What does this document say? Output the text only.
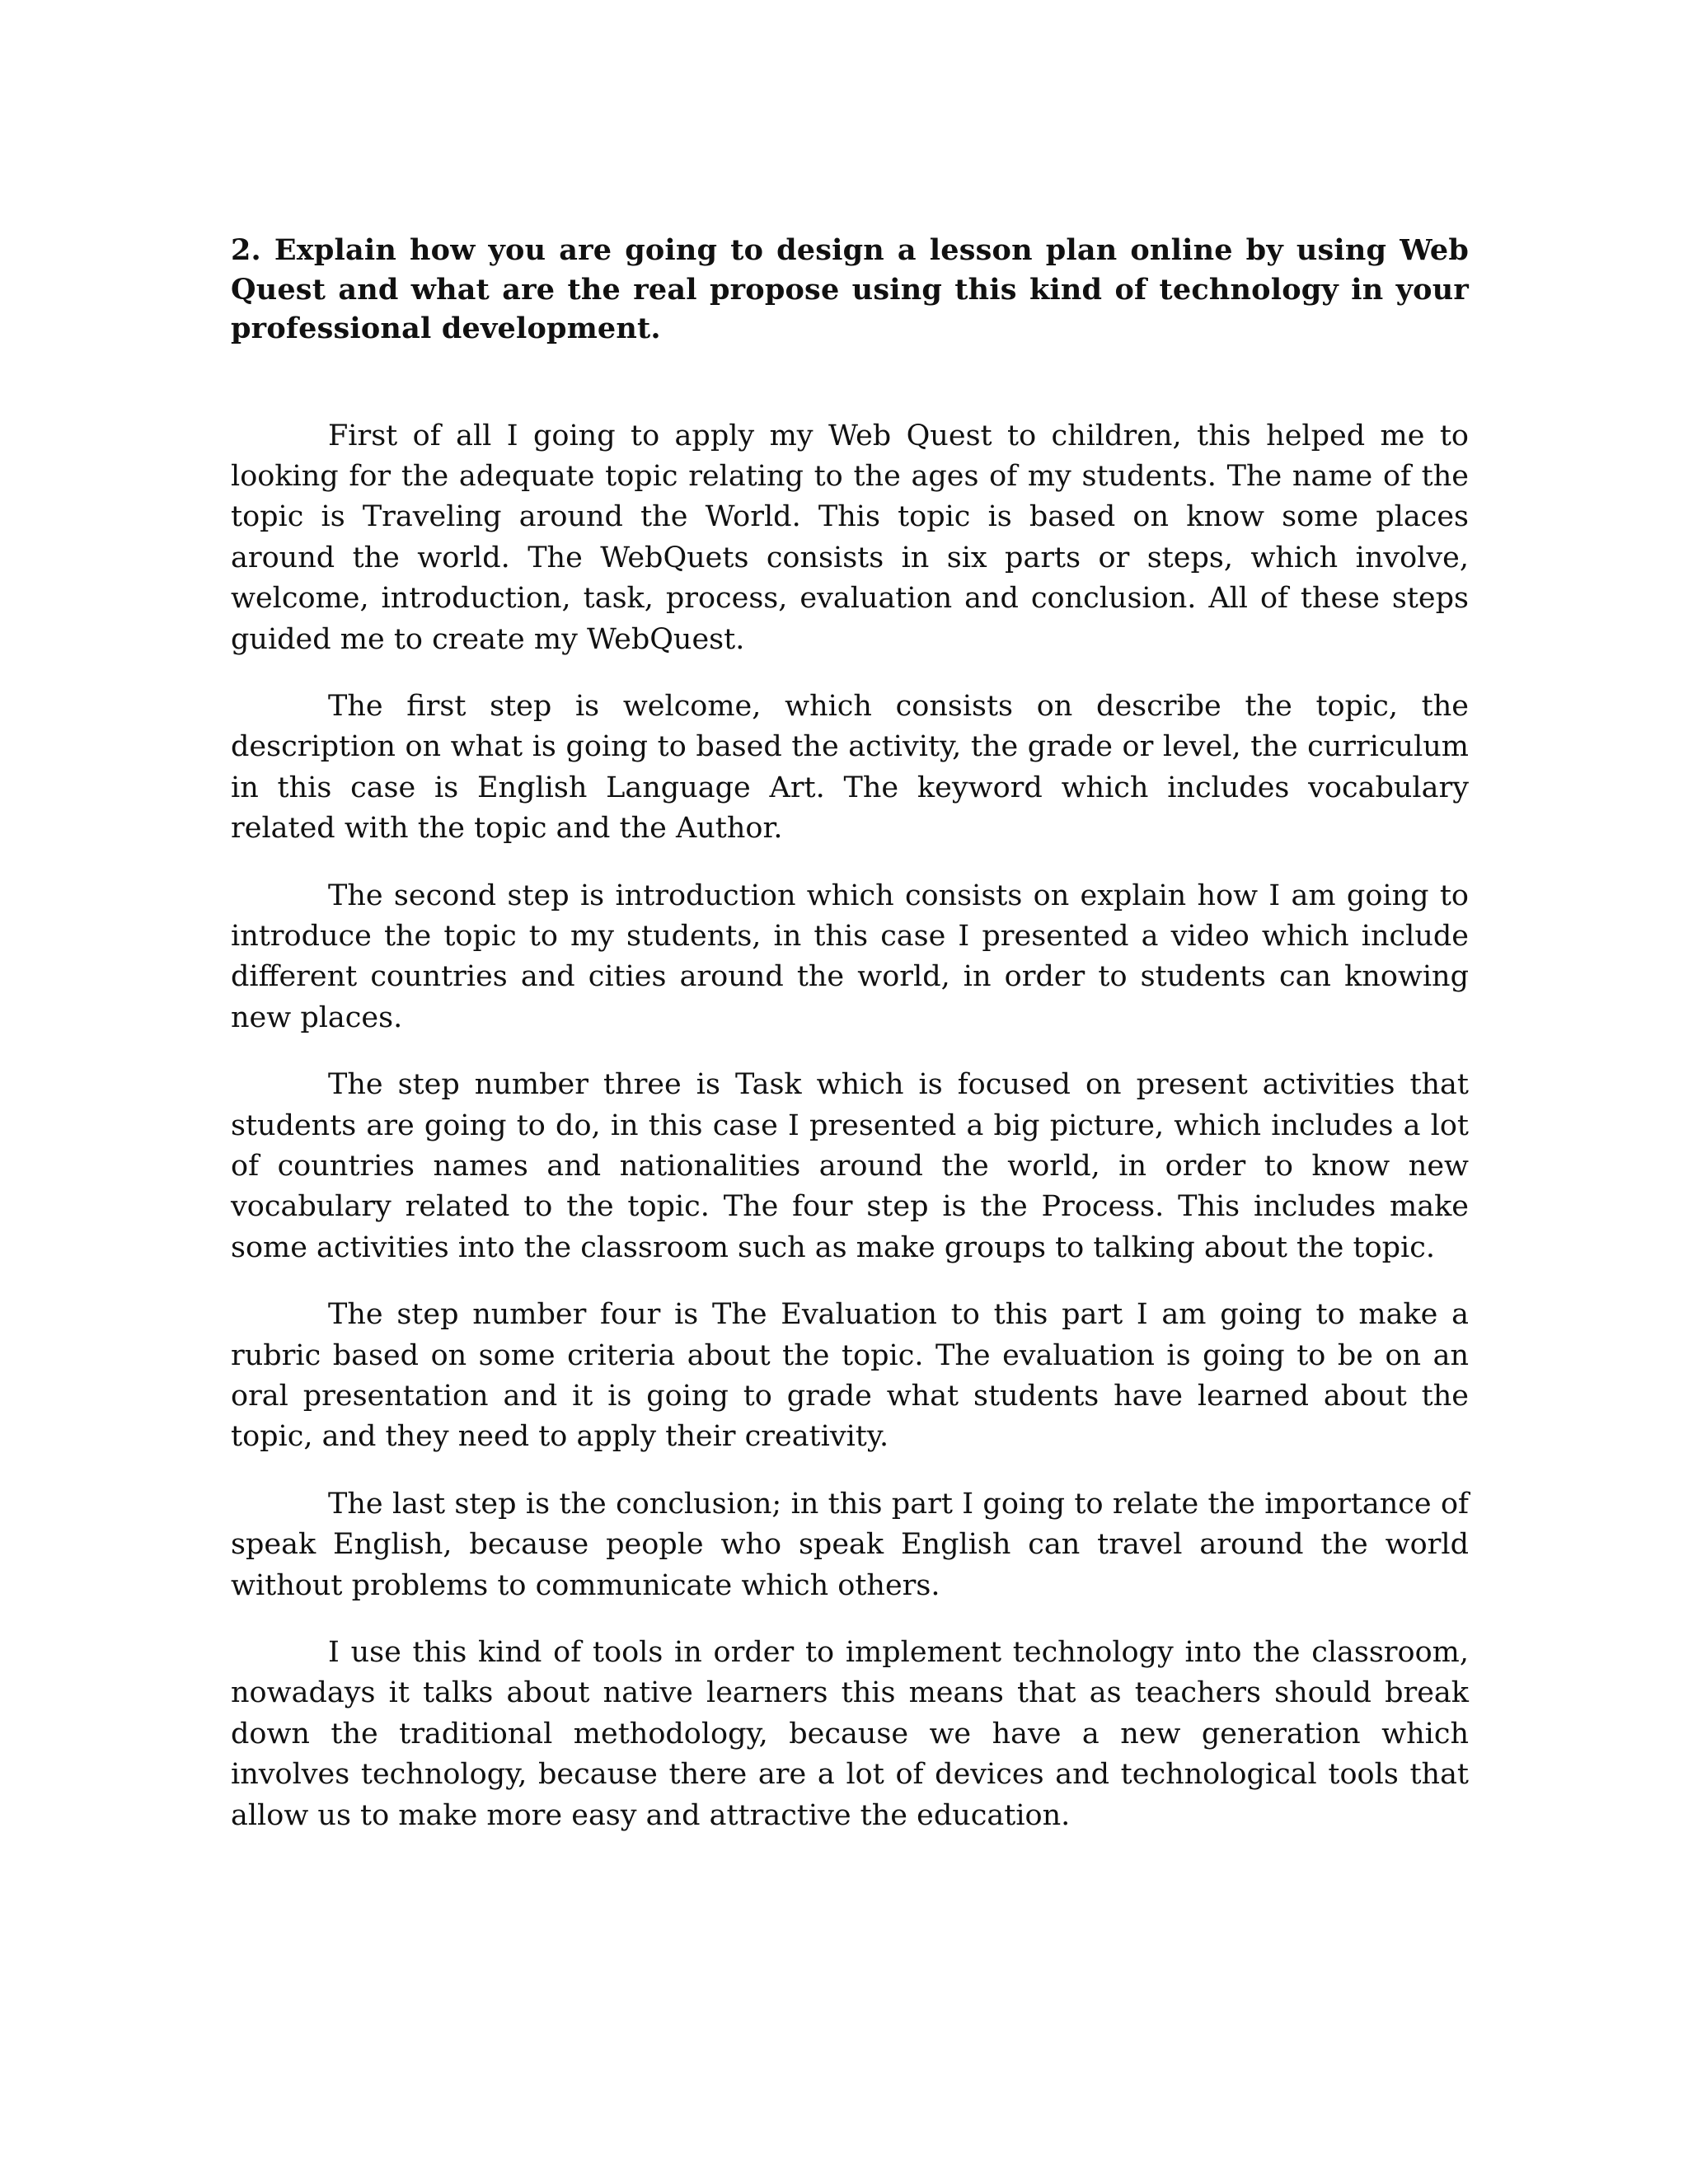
2. Explain how you are going to design a lesson plan online by using Web Quest and what are the real propose using this kind of technology in your professional development.

First of all I going to apply my Web Quest to children, this helped me to looking for the adequate topic relating to the ages of my students. The name of the topic is Traveling around the World. This topic is based on know some places around the world. The WebQuets consists in six parts or steps, which involve, welcome, introduction, task, process, evaluation and conclusion. All of these steps guided me to create my WebQuest.

The first step is welcome, which consists on describe the topic, the description on what is going to based the activity, the grade or level, the curriculum in this case is English Language Art. The keyword which includes vocabulary related with the topic and the Author.

The second step is introduction which consists on explain how I am going to introduce the topic to my students, in this case I presented a video which include different countries and cities around the world, in order to students can knowing new places.

The step number three is Task which is focused on present activities that students are going to do, in this case I presented a big picture, which includes a lot of countries names and nationalities around the world, in order to know new vocabulary related to the topic. The four step is the Process. This includes make some activities into the classroom such as make groups to talking about the topic.

The step number four is The Evaluation to this part I am going to make a rubric based on some criteria about the topic. The evaluation is going to be on an oral presentation and it is going to grade what students have learned about the topic, and they need to apply their creativity.

The last step is the conclusion; in this part I going to relate the importance of speak English, because people who speak English can travel around the world without problems to communicate which others.

I use this kind of tools in order to implement technology into the classroom, nowadays it talks about native learners this means that as teachers should break down the traditional methodology, because we have a new generation which involves technology, because there are a lot of devices and technological tools that allow us to make more easy and attractive the education.
